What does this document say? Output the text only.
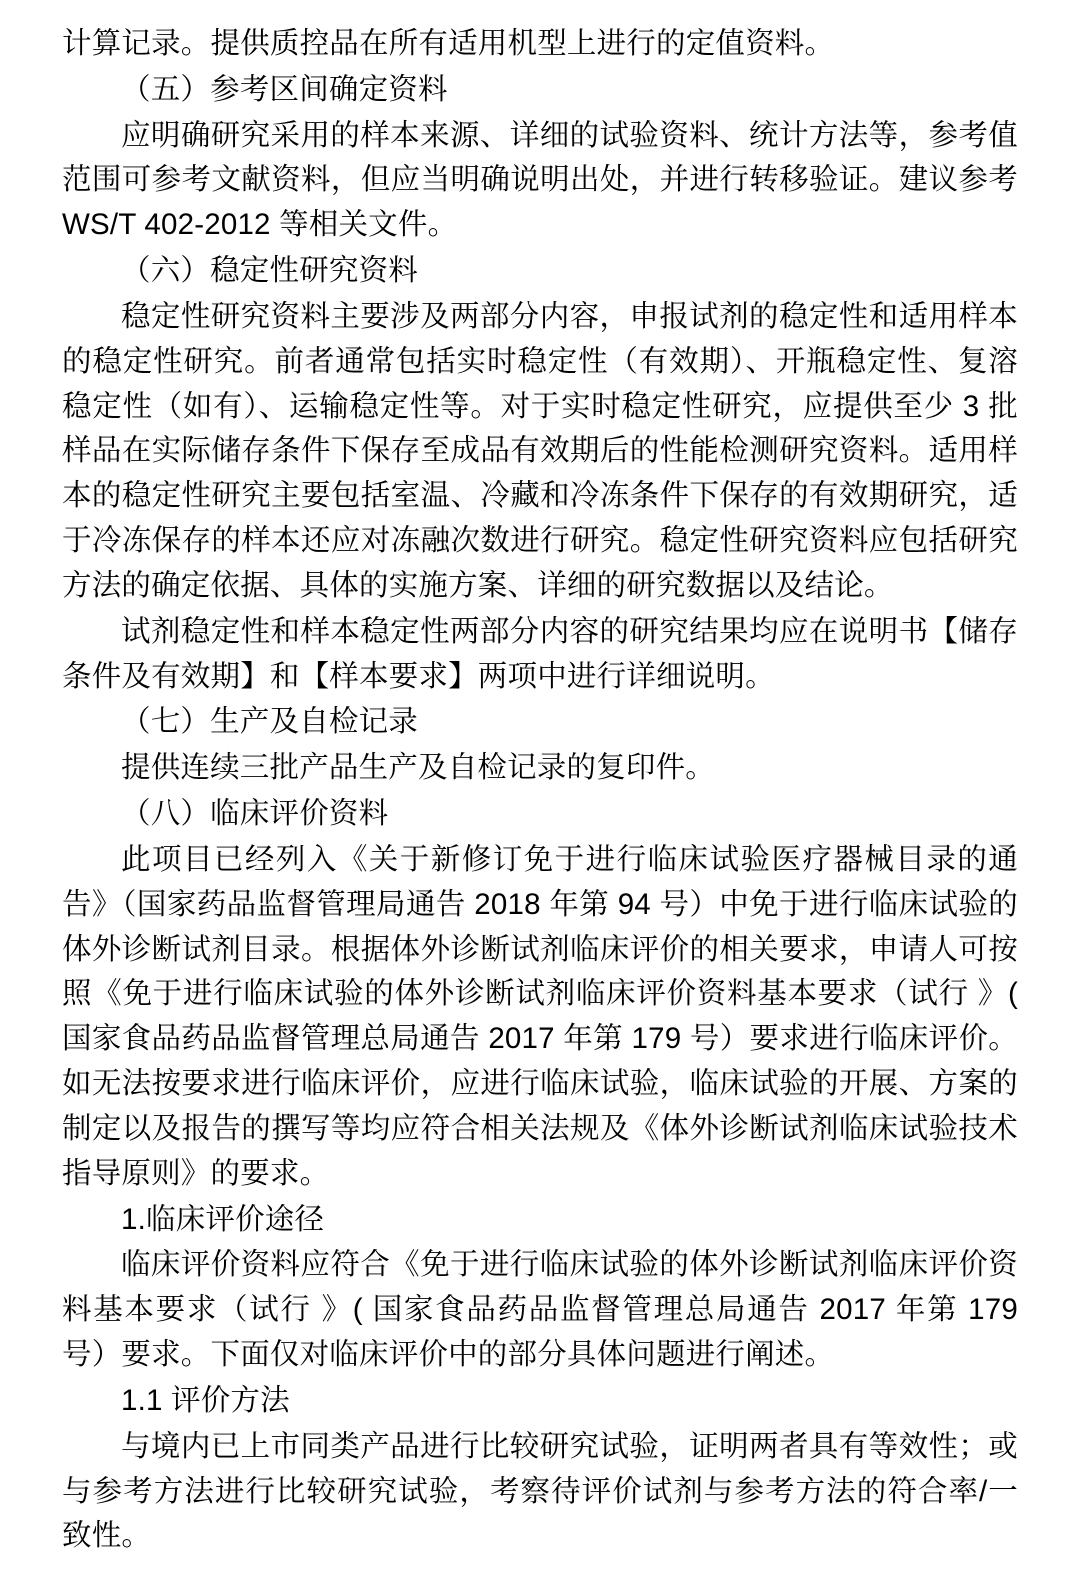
计算记录。提供质控品在所有适用机型上进行的定值资料。

（五）参考区间确定资料

应明确研究采用的样本来源、详细的试验资料、统计方法等，参考值范围可参考文献资料，但应当明确说明出处，并进行转移验证。建议参考 WS/T 402-2012 等相关文件。

（六）稳定性研究资料

稳定性研究资料主要涉及两部分内容，申报试剂的稳定性和适用样本的稳定性研究。前者通常包括实时稳定性（有效期）、开瓶稳定性、复溶稳定性（如有）、运输稳定性等。对于实时稳定性研究，应提供至少 3 批样品在实际储存条件下保存至成品有效期后的性能检测研究资料。适用样本的稳定性研究主要包括室温、冷藏和冷冻条件下保存的有效期研究，适于冷冻保存的样本还应对冻融次数进行研究。稳定性研究资料应包括研究方法的确定依据、具体的实施方案、详细的研究数据以及结论。

试剂稳定性和样本稳定性两部分内容的研究结果均应在说明书【储存条件及有效期】和【样本要求】两项中进行详细说明。

（七）生产及自检记录

提供连续三批产品生产及自检记录的复印件。

（八）临床评价资料

此项目已经列入《关于新修订免于进行临床试验医疗器械目录的通告》（国家药品监督管理局通告 2018 年第 94 号）中免于进行临床试验的体外诊断试剂目录。根据体外诊断试剂临床评价的相关要求，申请人可按照《免于进行临床试验的体外诊断试剂临床评价资料基本要求（试行 》( 国家食品药品监督管理总局通告 2017 年第 179 号）要求进行临床评价。如无法按要求进行临床评价，应进行临床试验，临床试验的开展、方案的制定以及报告的撰写等均应符合相关法规及《体外诊断试剂临床试验技术指导原则》的要求。

1.临床评价途径

临床评价资料应符合《免于进行临床试验的体外诊断试剂临床评价资料基本要求（试行 》( 国家食品药品监督管理总局通告 2017 年第 179 号）要求。下面仅对临床评价中的部分具体问题进行阐述。

1.1 评价方法

与境内已上市同类产品进行比较研究试验，证明两者具有等效性；或与参考方法进行比较研究试验，考察待评价试剂与参考方法的符合率/一致性。
